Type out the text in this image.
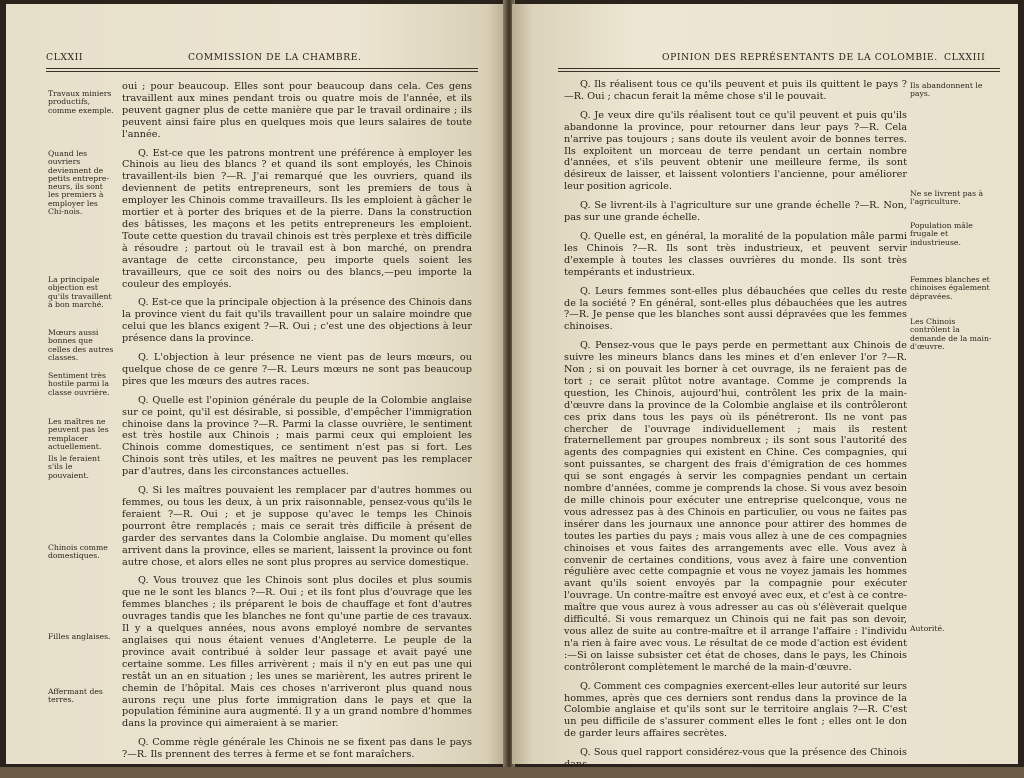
CLXXII	COMMISSION DE LA CHAMBRE.
Travaux miniers productifs, comme exemple.
Quand les ouvriers deviennent de petits entrepre-neurs, ils sont les premiers à employer les Chi-nois.
La principale objection est qu'ils travaillent à bon marché.
Mœurs aussi bonnes que celles des autres classes.
Sentiment très hostile parmi la classe ouvrière.
Les maîtres ne peuvent pas les remplacer actuellement.
Ils le feraient s'ils le pouvaient.
Chinois comme domestiques.
Filles anglaises.
Affermant des terres.

oui ; pour beaucoup. Elles sont pour beaucoup dans cela. Ces gens travaillent aux mines pendant trois ou quatre mois de l'année, et ils peuvent gagner plus de cette manière que par le travail ordinaire ; ils peuvent ainsi faire plus en quelques mois que leurs salaires de toute l'année.

Q. Est-ce que les patrons montrent une préférence à employer les Chinois au lieu des blancs ? et quand ils sont employés, les Chinois travaillent-ils bien ?—R. J'ai remarqué que les ouvriers, quand ils deviennent de petits entrepreneurs, sont les premiers de tous à employer les Chinois comme travailleurs. Ils les emploient à gâcher le mortier et à porter des briques et de la pierre. Dans la construction des bâtisses, les maçons et les petits entrepreneurs les emploient. Toute cette question du travail chinois est très perplexe et très difficile à résoudre ; partout où le travail est à bon marché, on prendra avantage de cette circonstance, peu importe quels soient les travailleurs, que ce soit des noirs ou des blancs,—peu importe la couleur des employés.

Q. Est-ce que la principale objection à la présence des Chinois dans la province vient du fait qu'ils travaillent pour un salaire moindre que celui que les blancs exigent ?—R. Oui ; c'est une des objections à leur présence dans la province.

Q. L'objection à leur présence ne vient pas de leurs mœurs, ou quelque chose de ce genre ?—R. Leurs mœurs ne sont pas beaucoup pires que les mœurs des autres races.

Q. Quelle est l'opinion générale du peuple de la Colombie anglaise sur ce point, qu'il est désirable, si possible, d'empêcher l'immigration chinoise dans la province ?—R. Parmi la classe ouvrière, le sentiment est très hostile aux Chinois ; mais parmi ceux qui emploient les Chinois comme domestiques, ce sentiment n'est pas si fort. Les Chinois sont très utiles, et les maîtres ne peuvent pas les remplacer par d'autres, dans les circonstances actuelles.

Q. Si les maîtres pouvaient les remplacer par d'autres hommes ou femmes, ou tous les deux, à un prix raisonnable, pensez-vous qu'ils le feraient ?—R. Oui ; et je suppose qu'avec le temps les Chinois pourront être remplacés ; mais ce serait très difficile à présent de garder des servantes dans la Colombie anglaise. Du moment qu'elles arrivent dans la province, elles se marient, laissent la province ou font autre chose, et alors elles ne sont plus propres au service domestique.

Q. Vous trouvez que les Chinois sont plus dociles et plus soumis que ne le sont les blancs ?—R. Oui ; et ils font plus d'ouvrage que les femmes blanches ; ils préparent le bois de chauffage et font d'autres ouvrages tandis que les blanches ne font qu'une partie de ces travaux. Il y a quelques années, nous avons employé nombre de servantes anglaises qui nous étaient venues d'Angleterre. Le peuple de la province avait contribué à solder leur passage et avait payé une certaine somme. Les filles arrivèrent ; mais il n'y en eut pas une qui restât un an en situation ; les unes se marièrent, les autres prirent le chemin de l'hôpital. Mais ces choses n'arriveront plus quand nous aurons reçu une plus forte immigration dans le pays et que la population féminine aura augmenté. Il y a un grand nombre d'hommes dans la province qui aimeraient à se marier.

Q. Comme règle générale les Chinois ne se fixent pas dans le pays ?—R. Ils prennent des terres à ferme et se font maraîchers.

OPINION DES REPRÉSENTANTS DE LA COLOMBIE. CLXXIII
Ils abandonnent le pays.
Ne se livrent pas à l'agriculture.
Population mâle frugale et industrieuse.
Femmes blanches et chinoises également dépravées.
Les Chinois contrôlent la demande de la main-d'œuvre.
Autorité.

Q. Ils réalisent tous ce qu'ils peuvent et puis ils quittent le pays ?—R. Oui ; chacun ferait la même chose s'il le pouvait.

Q. Je veux dire qu'ils réalisent tout ce qu'il peuvent et puis qu'ils abandonne la province, pour retourner dans leur pays ?—R. Cela n'arrive pas toujours ; sans doute ils veulent avoir de bonnes terres. Ils exploitent un morceau de terre pendant un certain nombre d'années, et s'ils peuvent obtenir une meilleure ferme, ils sont désireux de laisser, et laissent volontiers l'ancienne, pour améliorer leur position agricole.

Q. Se livrent-ils à l'agriculture sur une grande échelle ?—R. Non, pas sur une grande échelle.

Q. Quelle est, en général, la moralité de la population mâle parmi les Chinois ?—R. Ils sont très industrieux, et peuvent servir d'exemple à toutes les classes ouvrières du monde. Ils sont très tempérants et industrieux.

Q. Leurs femmes sont-elles plus débauchées que celles du reste de la société ? En général, sont-elles plus débauchées que les autres ?—R. Je pense que les blanches sont aussi dépravées que les femmes chinoises.

Q. Pensez-vous que le pays perde en permettant aux Chinois de suivre les mineurs blancs dans les mines et d'en enlever l'or ?—R. Non ; si on pouvait les borner à cet ouvrage, ils ne feraient pas de tort ; ce serait plûtot notre avantage. Comme je comprends la question, les Chinois, aujourd'hui, contrôlent les prix de la main-d'œuvre dans la province de la Colombie anglaise et ils contrôleront ces prix dans tous les pays où ils pénétreront. Ils ne vont pas chercher de l'ouvrage individuellement ; mais ils restent fraternellement par groupes nombreux ; ils sont sous l'autorité des agents des compagnies qui existent en Chine. Ces compagnies, qui sont puissantes, se chargent des frais d'émigration de ces hommes qui se sont engagés à servir les compagnies pendant un certain nombre d'années, comme je comprends la chose. Si vous avez besoin de mille chinois pour exécuter une entreprise quelconque, vous ne vous adressez pas à des Chinois en particulier, ou vous ne faites pas insérer dans les journaux une annonce pour attirer des hommes de toutes les parties du pays ; mais vous allez à une de ces compagnies chinoises et vous faites des arrangements avec elle. Vous avez à convenir de certaines conditions, vous avez à faire une convention régulière avec cette compagnie et vous ne voyez jamais les hommes avant qu'ils soient envoyés par la compagnie pour exécuter l'ouvrage. Un contre-maître est envoyé avec eux, et c'est à ce contre-maître que vous aurez à vous adresser au cas où s'élèverait quelque difficulté. Si vous remarquez un Chinois qui ne fait pas son devoir, vous allez de suite au contre-maître et il arrange l'affaire : l'individu n'a rien à faire avec vous. Le résultat de ce mode d'action est évident :—Si on laisse subsister cet état de choses, dans le pays, les Chinois contrôleront complètement le marché de la main-d'œuvre.

Q. Comment ces compagnies exercent-elles leur autorité sur leurs hommes, après que ces derniers sont rendus dans la province de la Colombie anglaise et qu'ils sont sur le territoire anglais ?—R. C'est un peu difficile de s'assurer comment elles le font ; elles ont le don de garder leurs affaires secrètes.

Q. Sous quel rapport considérez-vous que la présence des Chinois dans
